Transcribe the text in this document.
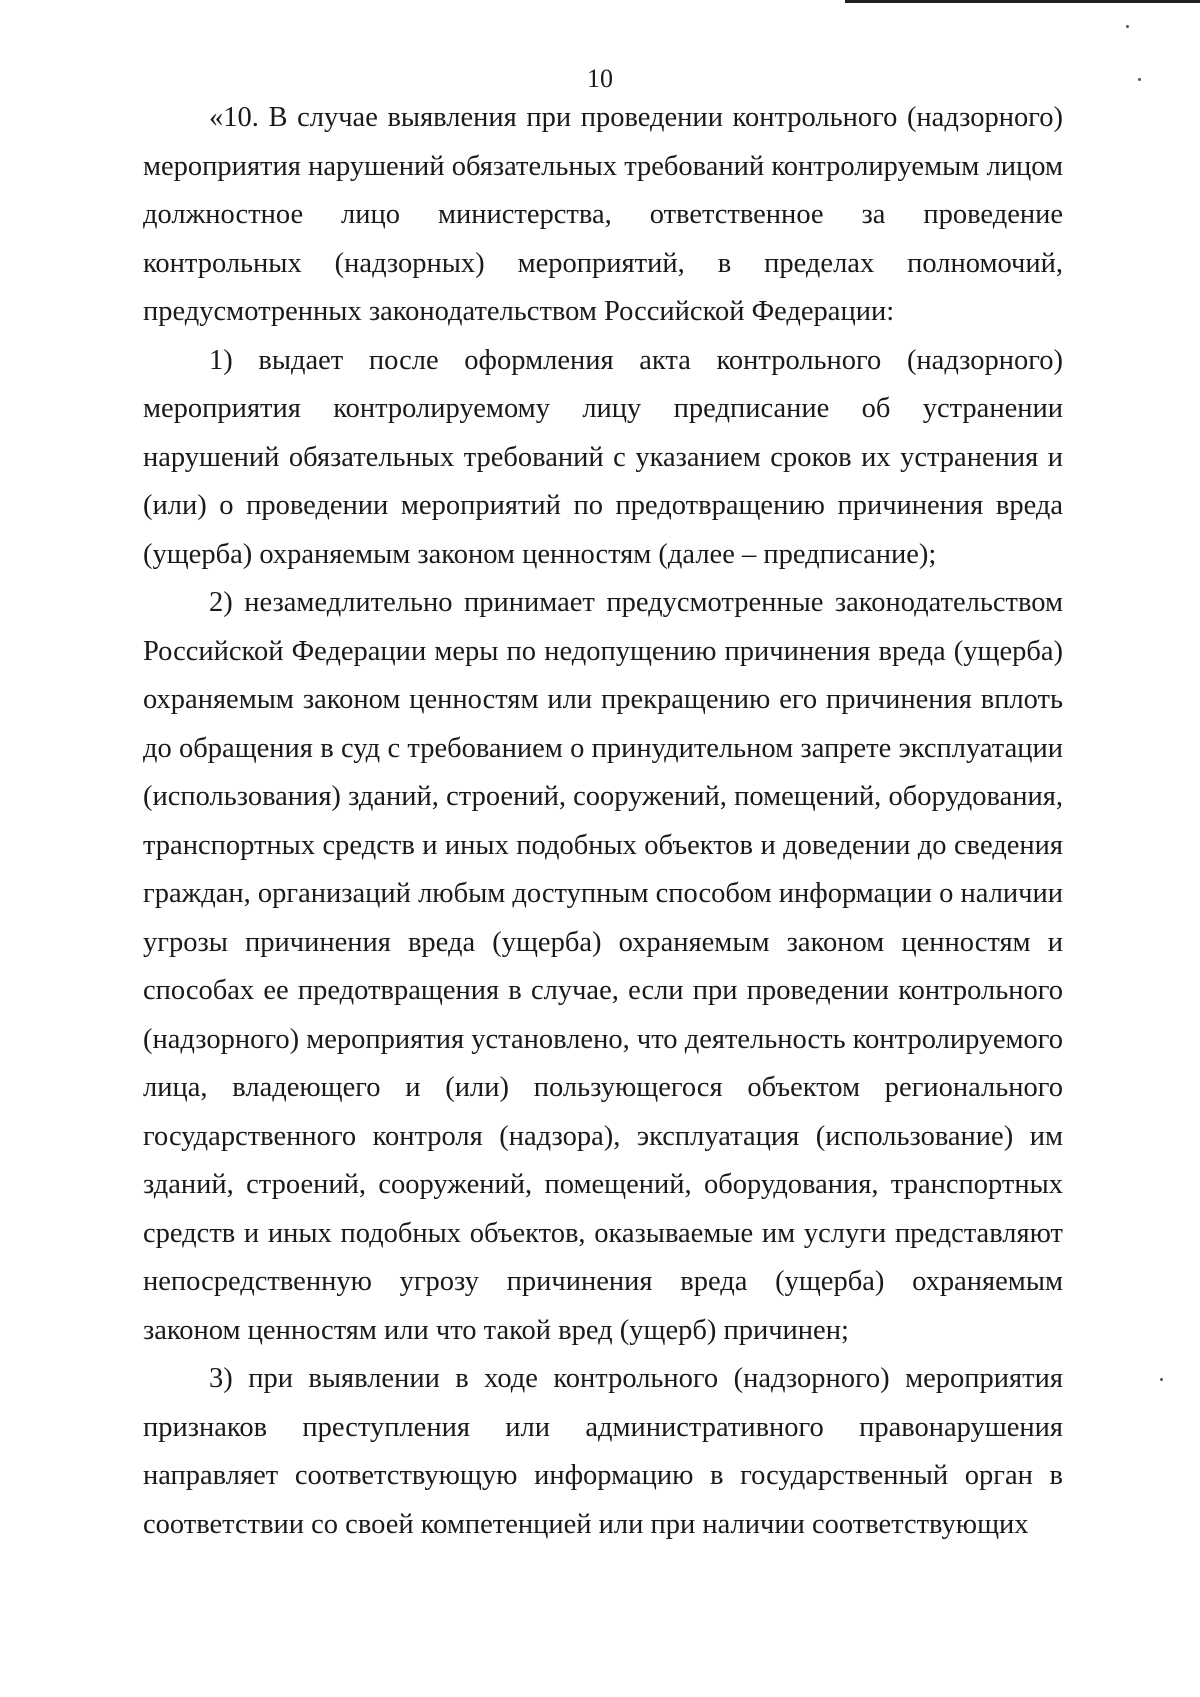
10

«10. В случае выявления при проведении контрольного (надзорного) мероприятия нарушений обязательных требований контролируемым лицом должностное лицо министерства, ответственное за проведение контрольных (надзорных) мероприятий, в пределах полномочий, предусмотренных законодательством Российской Федерации:

1) выдает после оформления акта контрольного (надзорного) мероприятия контролируемому лицу предписание об устранении нарушений обязательных требований с указанием сроков их устранения и (или) о проведении мероприятий по предотвращению причинения вреда (ущерба) охраняемым законом ценностям (далее – предписание);

2) незамедлительно принимает предусмотренные законодательством Российской Федерации меры по недопущению причинения вреда (ущерба) охраняемым законом ценностям или прекращению его причинения вплоть до обращения в суд с требованием о принудительном запрете эксплуатации (использования) зданий, строений, сооружений, помещений, оборудования, транспортных средств и иных подобных объектов и доведении до сведения граждан, организаций любым доступным способом информации о наличии угрозы причинения вреда (ущерба) охраняемым законом ценностям и способах ее предотвращения в случае, если при проведении контрольного (надзорного) мероприятия установлено, что деятельность контролируемого лица, владеющего и (или) пользующегося объектом регионального государственного контроля (надзора), эксплуатация (использование) им зданий, строений, сооружений, помещений, оборудования, транспортных средств и иных подобных объектов, оказываемые им услуги представляют непосредственную угрозу причинения вреда (ущерба) охраняемым законом ценностям или что такой вред (ущерб) причинен;

3) при выявлении в ходе контрольного (надзорного) мероприятия признаков преступления или административного правонарушения направляет соответствующую информацию в государственный орган в соответствии со своей компетенцией или при наличии соответствующих
